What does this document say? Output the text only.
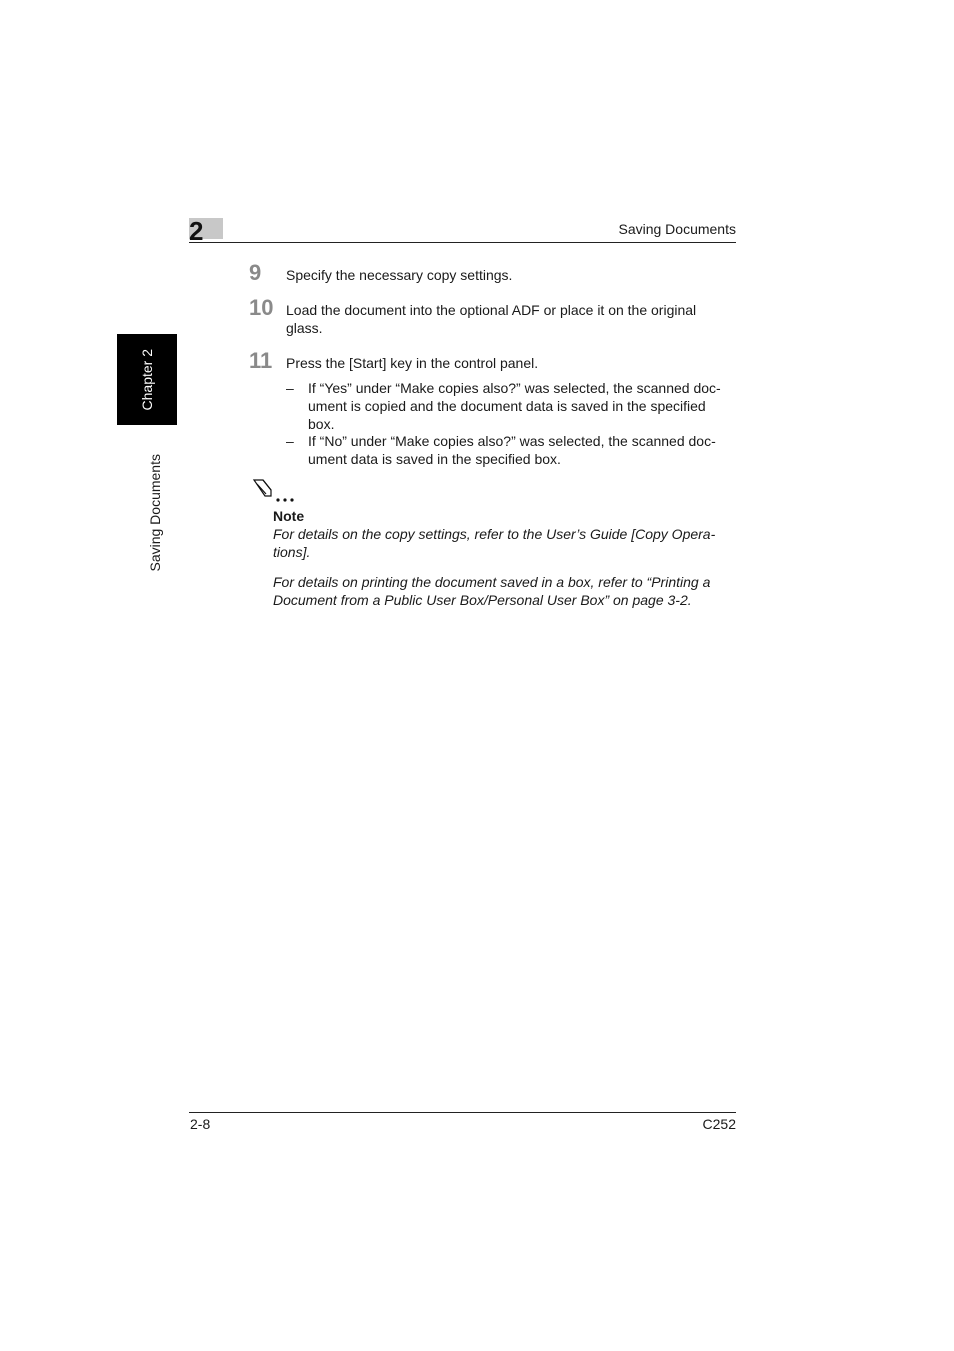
2	Saving Documents
Chapter 2
Saving Documents
9 Specify the necessary copy settings.
10 Load the document into the optional ADF or place it on the original
glass.
11 Press the [Start] key in the control panel.
–	If “Yes” under “Make copies also?” was selected, the scanned doc-
ument is copied and the document data is saved in the specified
box.
–	If “No” under “Make copies also?” was selected, the scanned doc-
ument data is saved in the specified box.
Note
For details on the copy settings, refer to the User’s Guide [Copy Opera-
tions].
For details on printing the document saved in a box, refer to “Printing a
Document from a Public User Box/Personal User Box” on page 3-2.
2-8	C252
